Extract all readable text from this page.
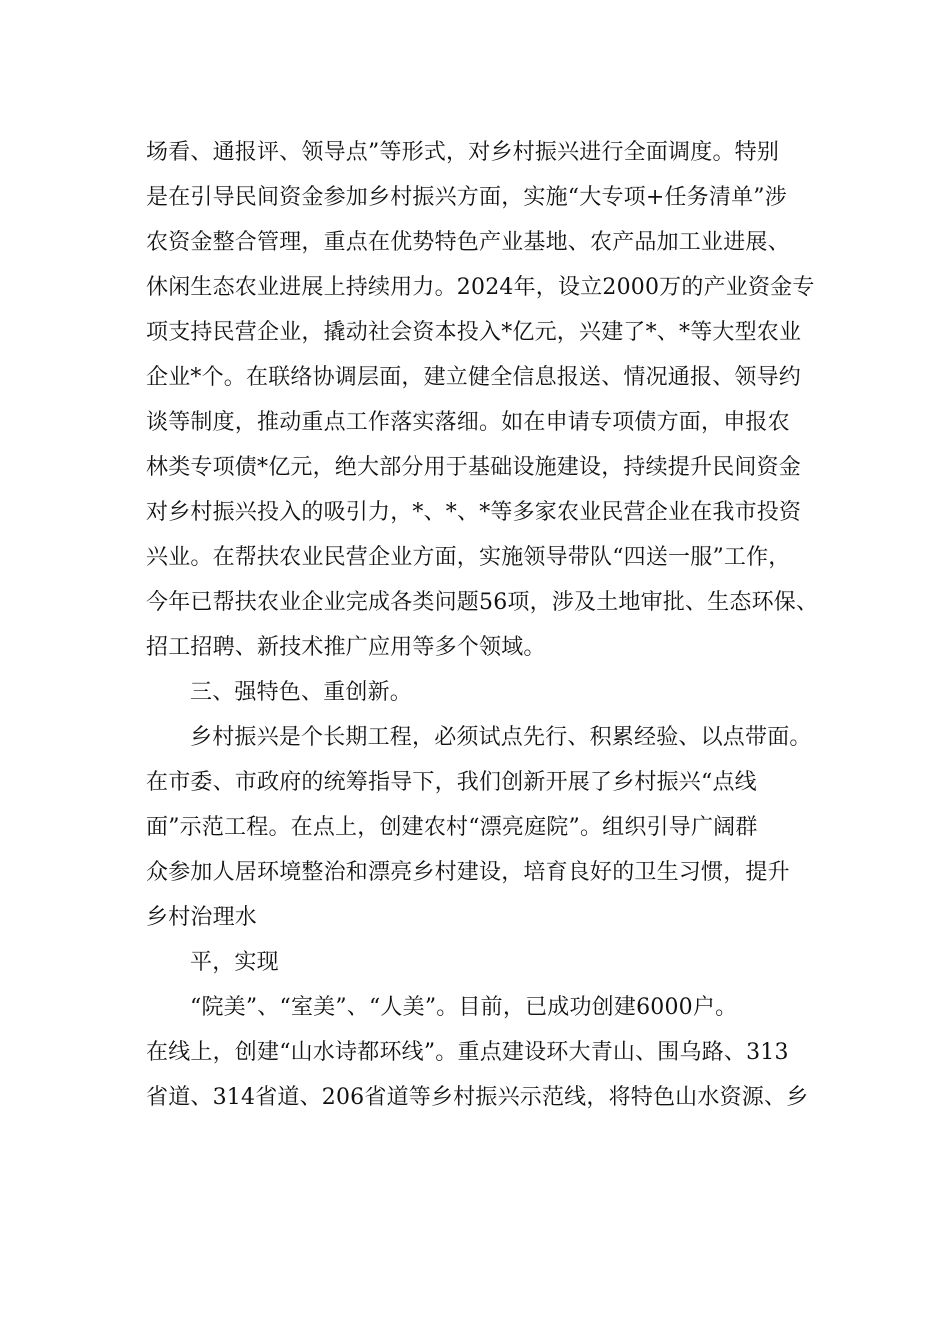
场看、通报评、领导点”等形式，对乡村振兴进行全面调度。特别
是在引导民间资金参加乡村振兴方面，实施“大专项+任务清单”涉
农资金整合管理，重点在优势特色产业基地、农产品加工业进展、
休闲生态农业进展上持续用力。2024年，设立2000万的产业资金专
项支持民营企业，撬动社会资本投入*亿元，兴建了*、*等大型农业
企业*个。在联络协调层面，建立健全信息报送、情况通报、领导约
谈等制度，推动重点工作落实落细。如在申请专项债方面，申报农
林类专项债*亿元，绝大部分用于基础设施建设，持续提升民间资金
对乡村振兴投入的吸引力，*、*、*等多家农业民营企业在我市投资
兴业。在帮扶农业民营企业方面，实施领导带队“四送一服”工作，
今年已帮扶农业企业完成各类问题56项，涉及土地审批、生态环保、
招工招聘、新技术推广应用等多个领域。
三、强特色、重创新。
乡村振兴是个长期工程，必须试点先行、积累经验、以点带面。
在市委、市政府的统筹指导下，我们创新开展了乡村振兴“点线
面”示范工程。在点上，创建农村“漂亮庭院”。组织引导广阔群
众参加人居环境整治和漂亮乡村建设，培育良好的卫生习惯，提升
乡村治理水
平，实现
“院美”、“室美”、“人美”。目前，已成功创建6000户。
在线上，创建“山水诗都环线”。重点建设环大青山、围乌路、313
省道、314省道、206省道等乡村振兴示范线，将特色山水资源、乡
